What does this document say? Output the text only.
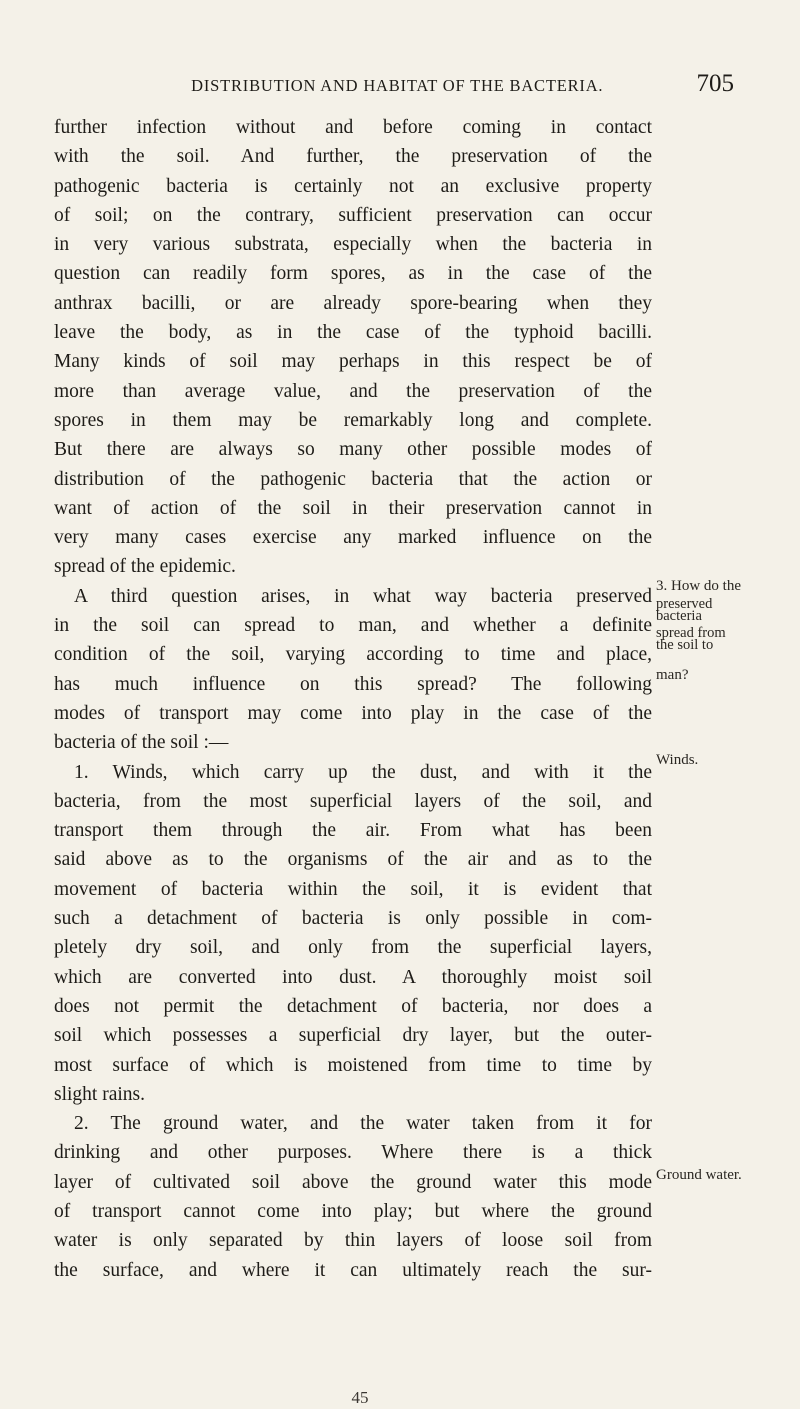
DISTRIBUTION AND HABITAT OF THE BACTERIA.	705
further infection without and before coming in contact
with the soil. And further, the preservation of the
pathogenic bacteria is certainly not an exclusive property
of soil; on the contrary, sufficient preservation can occur
in very various substrata, especially when the bacteria in
question can readily form spores, as in the case of the
anthrax bacilli, or are already spore-bearing when they
leave the body, as in the case of the typhoid bacilli.
Many kinds of soil may perhaps in this respect be of
more than average value, and the preservation of the
spores in them may be remarkably long and complete.
But there are always so many other possible modes of
distribution of the pathogenic bacteria that the action or
want of action of the soil in their preservation cannot in
very many cases exercise any marked influence on the
spread of the epidemic.
A third question arises, in what way bacteria preserved
in the soil can spread to man, and whether a definite
condition of the soil, varying according to time and place,
has much influence on this spread? The following
modes of transport may come into play in the case of the
bacteria of the soil :—
1. Winds, which carry up the dust, and with it the
bacteria, from the most superficial layers of the soil, and
transport them through the air. From what has been
said above as to the organisms of the air and as to the
movement of bacteria within the soil, it is evident that
such a detachment of bacteria is only possible in com-
pletely dry soil, and only from the superficial layers,
which are converted into dust. A thoroughly moist soil
does not permit the detachment of bacteria, nor does a
soil which possesses a superficial dry layer, but the outer-
most surface of which is moistened from time to time by
slight rains.
2. The ground water, and the water taken from it for
drinking and other purposes. Where there is a thick
layer of cultivated soil above the ground water this mode
of transport cannot come into play; but where the ground
water is only separated by thin layers of loose soil from
the surface, and where it can ultimately reach the sur-
3. How do the
preserved
bacteria
spread from
the soil to
man?
Winds.
Ground water.
45
